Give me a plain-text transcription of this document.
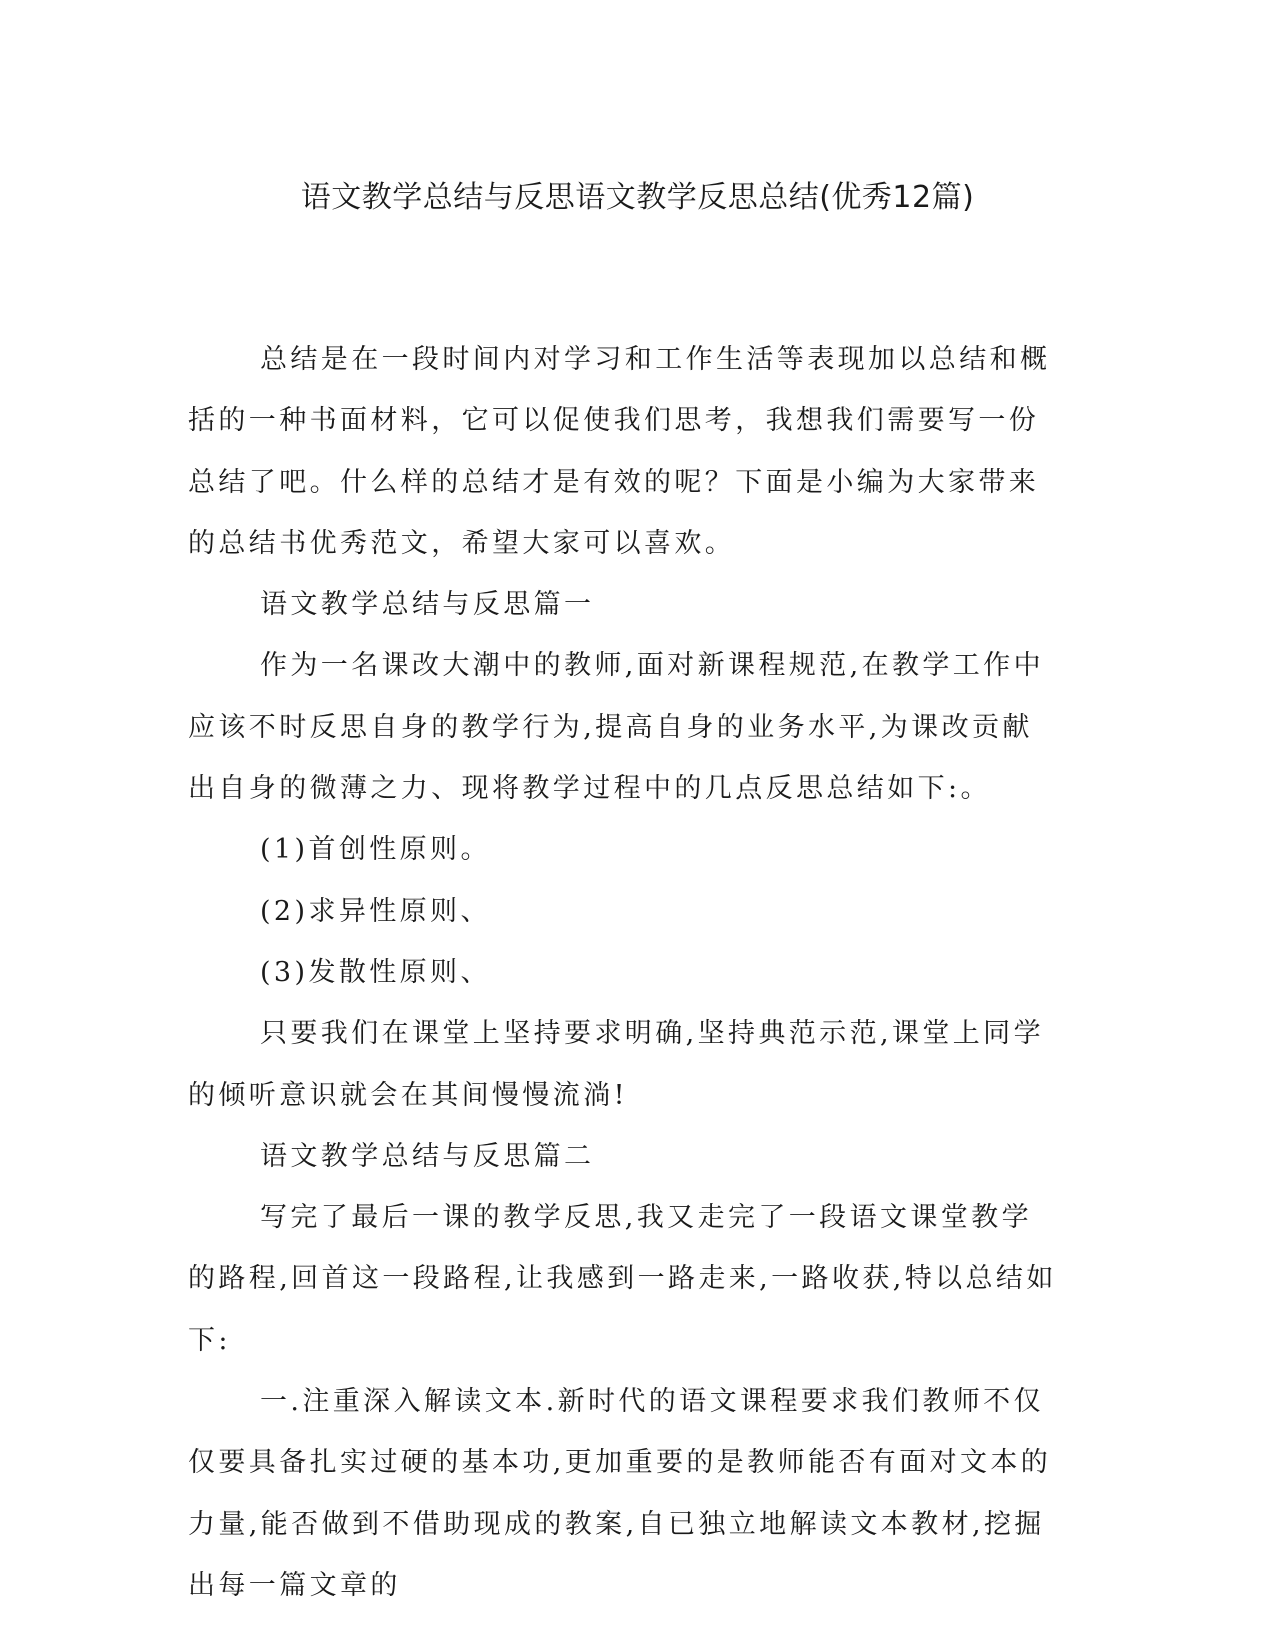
语文教学总结与反思语文教学反思总结(优秀12篇)

总结是在一段时间内对学习和工作生活等表现加以总结和概括的一种书面材料，它可以促使我们思考，我想我们需要写一份总结了吧。什么样的总结才是有效的呢？下面是小编为大家带来的总结书优秀范文，希望大家可以喜欢。

语文教学总结与反思篇一

作为一名课改大潮中的教师,面对新课程规范,在教学工作中应该不时反思自身的教学行为,提高自身的业务水平,为课改贡献出自身的微薄之力、现将教学过程中的几点反思总结如下:。

(1)首创性原则。

(2)求异性原则、

(3)发散性原则、

只要我们在课堂上坚持要求明确,坚持典范示范,课堂上同学的倾听意识就会在其间慢慢流淌!

语文教学总结与反思篇二

写完了最后一课的教学反思,我又走完了一段语文课堂教学的路程,回首这一段路程,让我感到一路走来,一路收获,特以总结如下:

一.注重深入解读文本.新时代的语文课程要求我们教师不仅仅要具备扎实过硬的基本功,更加重要的是教师能否有面对文本的力量,能否做到不借助现成的教案,自已独立地解读文本教材,挖掘出每一篇文章的
